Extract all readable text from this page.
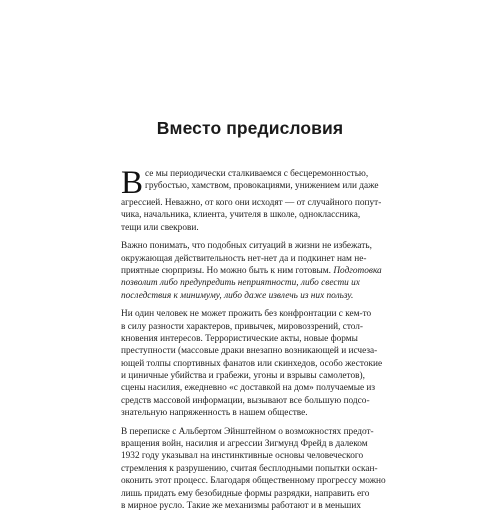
Вместо предисловия
В се мы периодически сталкиваемся с бесцеремонностью,
грубостью, хамством, провокациями, унижением или даже
агрессией. Неважно, от кого они исходят — от случайного попут-
чика, начальника, клиента, учителя в школе, одноклассника,
тещи или свекрови.
Важно понимать, что подобных ситуаций в жизни не избежать,
окружающая действительность нет-нет да и подкинет нам не-
приятные сюрпризы. Но можно быть к ним готовым. Подготовка
позволит либо предупредить неприятности, либо свести их
последствия к минимуму, либо даже извлечь из них пользу.
Ни один человек не может прожить без конфронтации с кем-то
в силу разности характеров, привычек, мировоззрений, стол-
кновения интересов. Террористические акты, новые формы
преступности (массовые драки внезапно возникающей и исчеза-
ющей толпы спортивных фанатов или скинхедов, особо жестокие
и циничные убийства и грабежи, угоны и взрывы самолетов),
сцены насилия, ежедневно «с доставкой на дом» получаемые из
средств массовой информации, вызывают все большую подсо-
знательную напряженность в нашем обществе.
В переписке с Альбертом Эйнштейном о возможностях предот-
вращения войн, насилия и агрессии Зигмунд Фрейд в далеком
1932 году указывал на инстинктивные основы человеческого
стремления к разрушению, считая бесплодными попытки оскан-
оконить этот процесс. Благодаря общественному прогрессу можно
лишь придать ему безобидные формы разрядки, направить его
в мирное русло. Такие же механизмы работают и в меньших
